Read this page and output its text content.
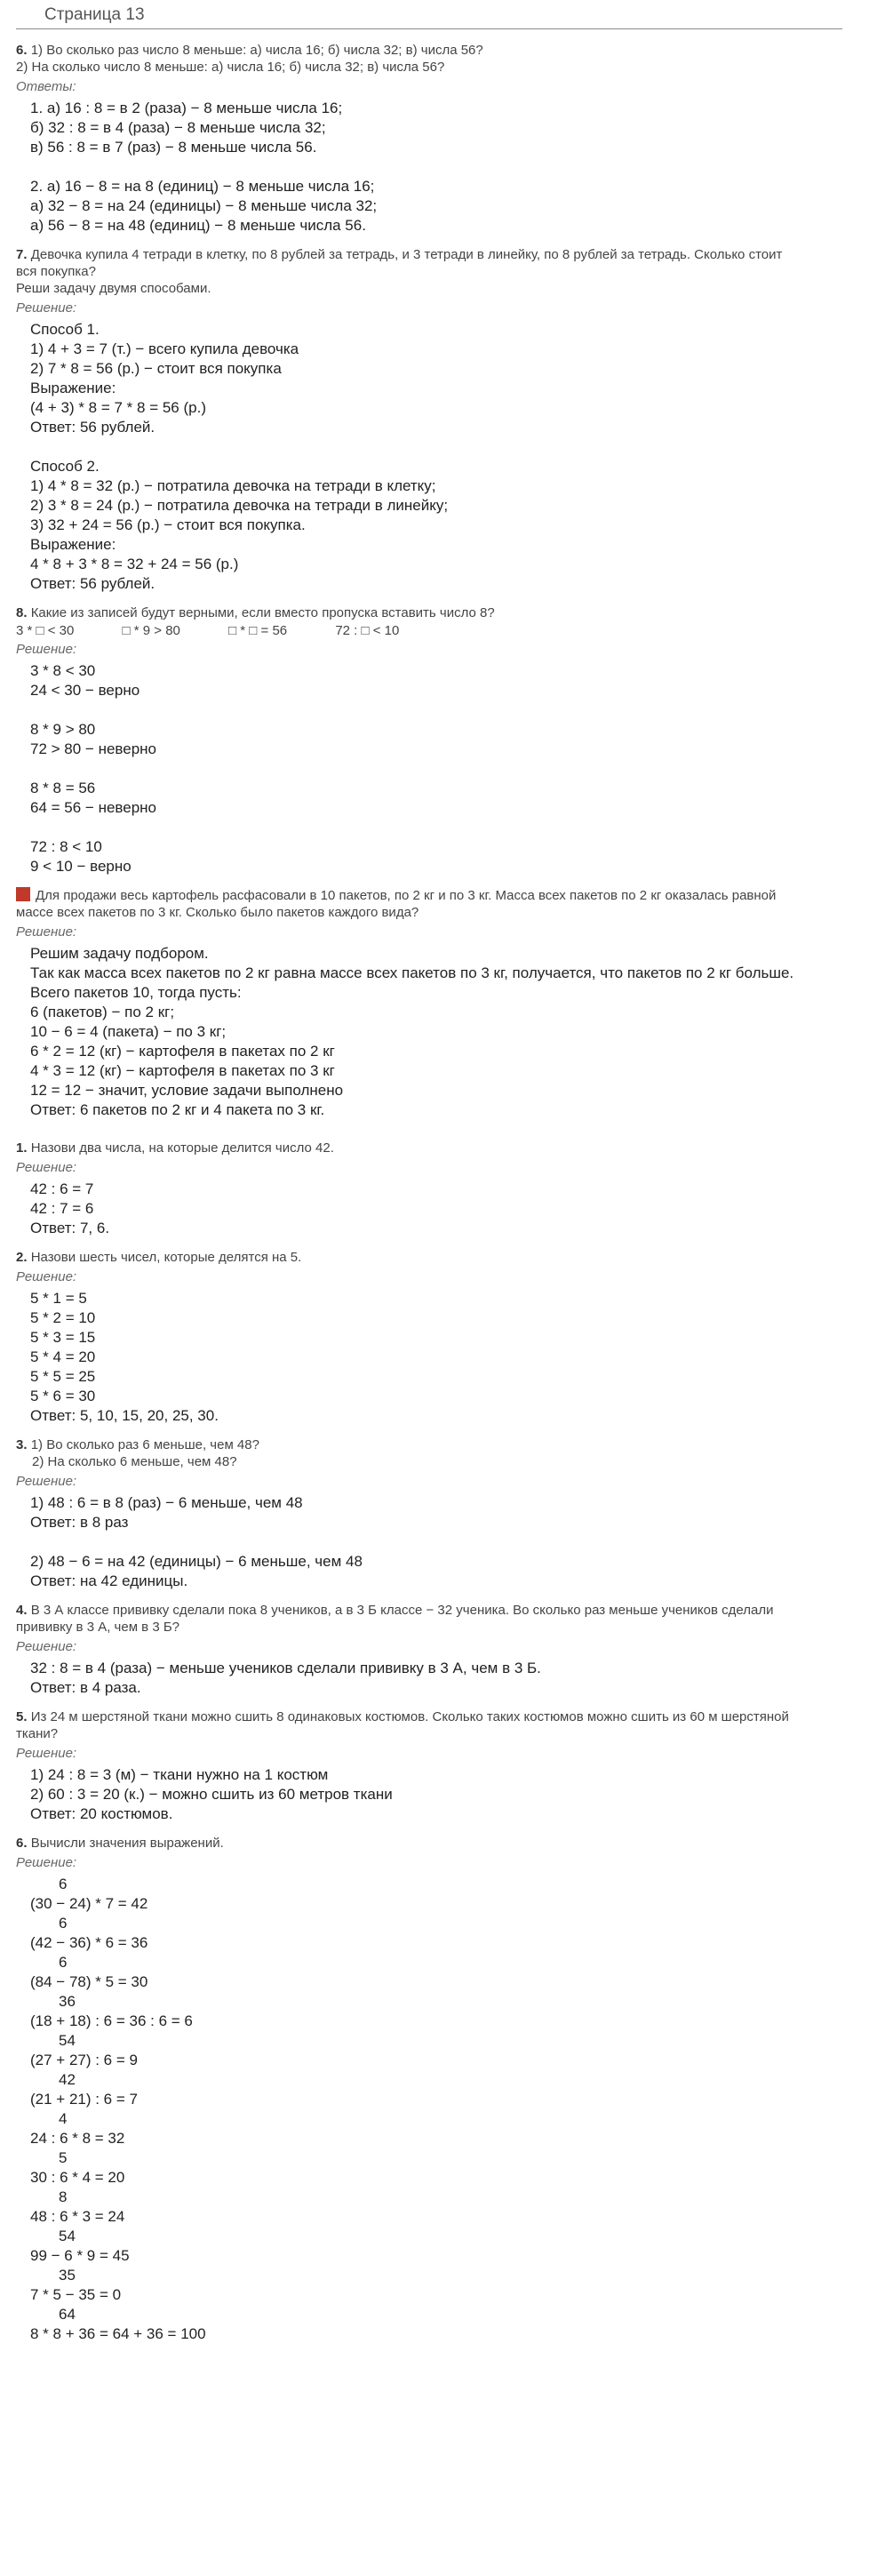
Страница 13
6. 1) Во сколько раз число 8 меньше: а) числа 16; б) числа 32; в) числа 56?
2) На сколько число 8 меньше: а) числа 16; б) числа 32; в) числа 56?
Ответы:
1. а) 16 : 8 = в 2 (раза) − 8 меньше числа 16;
б) 32 : 8 = в 4 (раза) − 8 меньше числа 32;
в) 56 : 8 = в 7 (раз) − 8 меньше числа 56.
2. а) 16 − 8 = на 8 (единиц) − 8 меньше числа 16;
а) 32 − 8 = на 24 (единицы) − 8 меньше числа 32;
а) 56 − 8 = на 48 (единиц) − 8 меньше числа 56.
7. Девочка купила 4 тетради в клетку, по 8 рублей за тетрадь, и 3 тетради в линейку, по 8 рублей за тетрадь. Сколько стоит
вся покупка?
Реши задачу двумя способами.
Решение:
Способ 1.
1) 4 + 3 = 7 (т.) − всего купила девочка
2) 7 * 8 = 56 (р.) − стоит вся покупка
Выражение:
(4 + 3) * 8 = 7 * 8 = 56 (р.)
Ответ: 56 рублей.
Способ 2.
1) 4 * 8 = 32 (р.) − потратила девочка на тетради в клетку;
2) 3 * 8 = 24 (р.) − потратила девочка на тетради в линейку;
3) 32 + 24 = 56 (р.) − стоит вся покупка.
Выражение:
4 * 8 + 3 * 8 = 32 + 24 = 56 (р.)
Ответ: 56 рублей.
8. Какие из записей будут верными, если вместо пропуска вставить число 8?
3 * □ < 30	□ * 9 > 80	□ * □ = 56	72 : □ < 10
Решение:
3 * 8 < 30
24 < 30 − верно
8 * 9 > 80
72 > 80 − неверно
8 * 8 = 56
64 = 56 − неверно
72 : 8 < 10
9 < 10 − верно
Для продажи весь картофель расфасовали в 10 пакетов, по 2 кг и по 3 кг. Масса всех пакетов по 2 кг оказалась равной
массе всех пакетов по 3 кг. Сколько было пакетов каждого вида?
Решение:
Решим задачу подбором.
Так как масса всех пакетов по 2 кг равна массе всех пакетов по 3 кг, получается, что пакетов по 2 кг больше.
Всего пакетов 10, тогда пусть:
6 (пакетов) − по 2 кг;
10 − 6 = 4 (пакета) − по 3 кг;
6 * 2 = 12 (кг) − картофеля в пакетах по 2 кг
4 * 3 = 12 (кг) − картофеля в пакетах по 3 кг
12 = 12 − значит, условие задачи выполнено
Ответ: 6 пакетов по 2 кг и 4 пакета по 3 кг.
1. Назови два числа, на которые делится число 42.
Решение:
42 : 6 = 7
42 : 7 = 6
Ответ: 7, 6.
2. Назови шесть чисел, которые делятся на 5.
Решение:
5 * 1 = 5
5 * 2 = 10
5 * 3 = 15
5 * 4 = 20
5 * 5 = 25
5 * 6 = 30
Ответ: 5, 10, 15, 20, 25, 30.
3. 1) Во сколько раз 6 меньше, чем 48?
2) На сколько 6 меньше, чем 48?
Решение:
1) 48 : 6 = в 8 (раз) − 6 меньше, чем 48
Ответ: в 8 раз
2) 48 − 6 = на 42 (единицы) − 6 меньше, чем 48
Ответ: на 42 единицы.
4. В 3 А классе прививку сделали пока 8 учеников, а в 3 Б классе − 32 ученика. Во сколько раз меньше учеников сделали
прививку в 3 А, чем в 3 Б?
Решение:
32 : 8 = в 4 (раза) − меньше учеников сделали прививку в 3 А, чем в 3 Б.
Ответ: в 4 раза.
5. Из 24 м шерстяной ткани можно сшить 8 одинаковых костюмов. Сколько таких костюмов можно сшить из 60 м шерстяной
ткани?
Решение:
1) 24 : 8 = 3 (м) − ткани нужно на 1 костюм
2) 60 : 3 = 20 (к.) − можно сшить из 60 метров ткани
Ответ: 20 костюмов.
6. Вычисли значения выражений.
Решение:
6
(30 − 24) * 7 = 42
6
(42 − 36) * 6 = 36
6
(84 − 78) * 5 = 30
36
(18 + 18) : 6 = 36 : 6 = 6
54
(27 + 27) : 6 = 9
42
(21 + 21) : 6 = 7
4
24 : 6 * 8 = 32
5
30 : 6 * 4 = 20
8
48 : 6 * 3 = 24
54
99 − 6 * 9 = 45
35
7 * 5 − 35 = 0
64
8 * 8 + 36 = 64 + 36 = 100
